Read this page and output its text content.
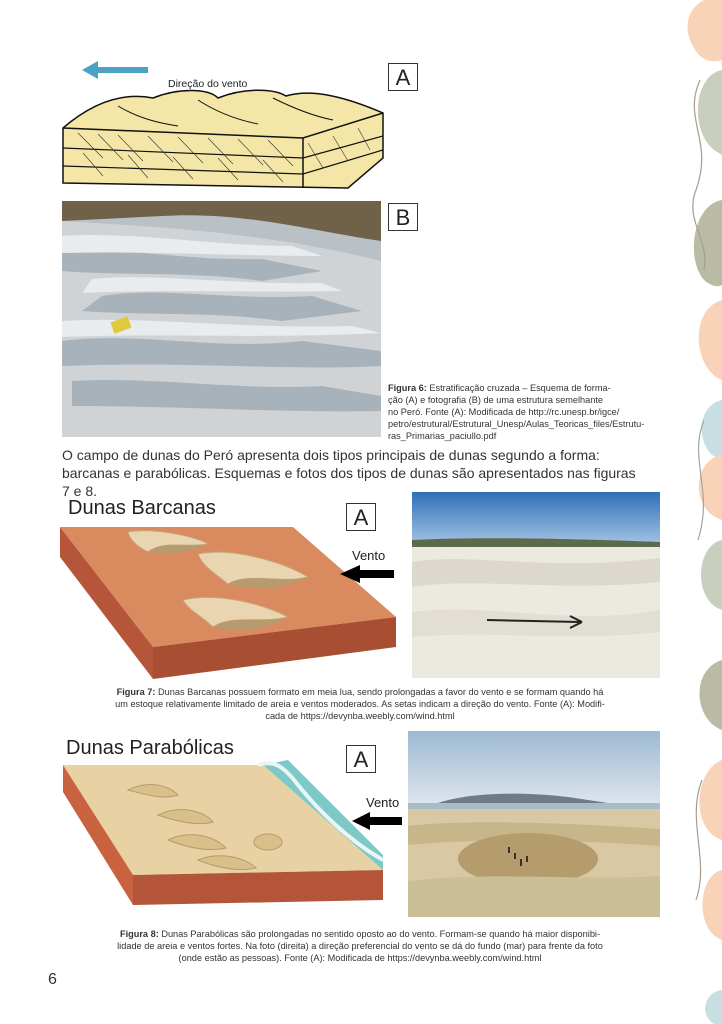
Direção do vento	A
B
Figura 6: Estratificação cruzada – Esquema de forma-
ção (A) e fotografia (B) de uma estrutura semelhante
no Peró. Fonte (A): Modificada de http://rc.unesp.br/igce/
petro/estrutural/Estrutural_Unesp/Aulas_Teoricas_files/Estrutu-
ras_Primarias_paciullo.pdf
O campo de dunas do Peró apresenta dois tipos principais de dunas segundo a forma:
barcanas e parabólicas. Esquemas e fotos dos tipos de dunas são apresentados nas figuras
7 e 8.
Dunas Barcanas	A
Vento
Figura 7: Dunas Barcanas possuem formato em meia lua, sendo prolongadas a favor do vento e se formam quando há
um estoque relativamente limitado de areia e ventos moderados. As setas indicam a direção do vento. Fonte (A): Modifi-
cada de https://devynba.weebly.com/wind.html
Dunas Parabólicas	A
Vento
Figura 8: Dunas Parabólicas são prolongadas no sentido oposto ao do vento. Formam-se quando há maior disponibi-
lidade de areia e ventos fortes. Na foto (direita) a direção preferencial do vento se dá do fundo (mar) para frente da foto
(onde estão as pessoas). Fonte (A): Modificada de https://devynba.weebly.com/wind.html
6
